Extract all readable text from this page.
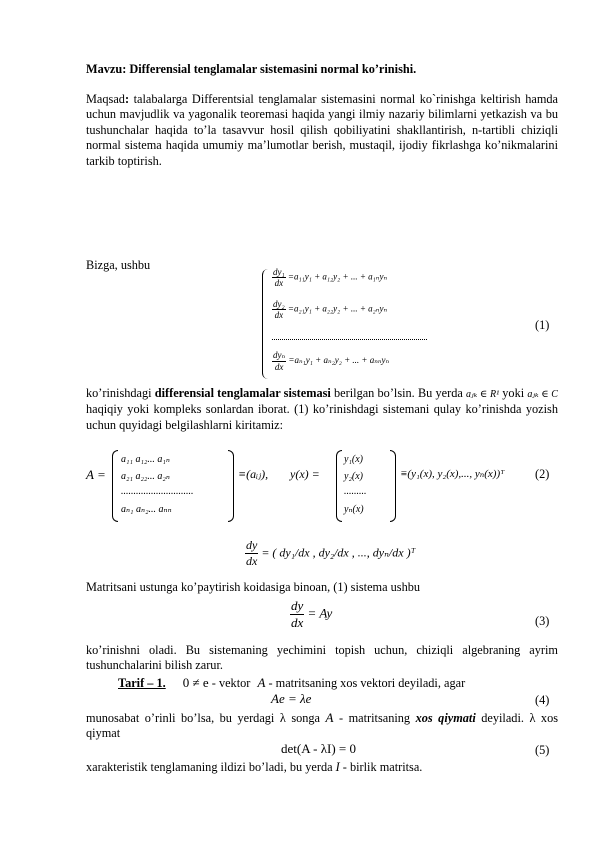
Mavzu: Differensial tenglamalar sistemasini normal ko’rinishi.
Maqsad: talabalarga Differentsial tenglamalar sistemasini normal ko`rinishga keltirish hamda uchun mavjudlik va yagonalik teoremasi haqida yangi ilmiy nazariy bilimlarni yetkazish va bu tushunchalar haqida to’la tasavvur hosil qilish qobiliyatini shakllantirish, n-tartibli chiziqli normal sistema haqida umumiy ma’lumotlar berish, mustaqil, ijodiy fikrlashga ko’nikmalarini tarkib toptirish.
Bizga, ushbu
$\frac{\text{dy₁}}{dx} =a_{11}y_1 + a_{12}y_2$ + ... + a₁ₙyₙ
$\frac{\text{dy₂}}{dx} =a_{21}y_1 + a_{22}y_2$ + ... + a₂ₙyₙ
$\frac{\text{dyₙ}}{dx} =a_{n1}y_1 + a_{n2}y_2$ + ... + aₙₙyₙ
(1)
ko’rinishdagi differensial tenglamalar sistemasi berilgan bo’lsin. Bu yerda aⱼₖ ∈ R¹ yoki aⱼₖ ∈ C haqiqiy yoki kompleks sonlardan iborat. (1) ko’rinishdagi sistemani qulay ko’rinishda yozish uchun quyidagi belgilashlarni kiritamiz:
A =
a₁₁ a₁₂... a₁ₙ
a₂₁ a₂₂... a₂ₙ
.............................
aₙ₁ aₙ₂... aₙₙ
≡(aᵢⱼ), y(x) =
y₁(x)
y₂(x)
.........
yₙ(x)
≡(y₁(x), y₂(x),..., yₙ(x))ᵀ (2)
$\frac{dy}{dx}$ = ( dy₁/dx , dy₂/dx , ..., dyₙ/dx )ᵀ
Matritsani ustunga ko’paytirish koidasiga binoan, (1) sistema ushbu
$\frac{dy}{dx} = Ay$
(3)
ko’rinishni oladi. Bu sistemaning yechimini topish uchun, chiziqli algebraning ayrim tushunchalarini bilish zarur.
Tarif – 1. 0 ≠ e - vektor A - matritsaning xos vektori deyiladi, agar
Ae = λe	(4)
munosabat o’rinli bo’lsa, bu yerdagi λ songa A - matritsaning xos qiymati deyiladi. λ xos qiymat
det(A - λI) = 0	(5)
xarakteristik tenglamaning ildizi bo’ladi, bu yerda I - birlik matritsa.
